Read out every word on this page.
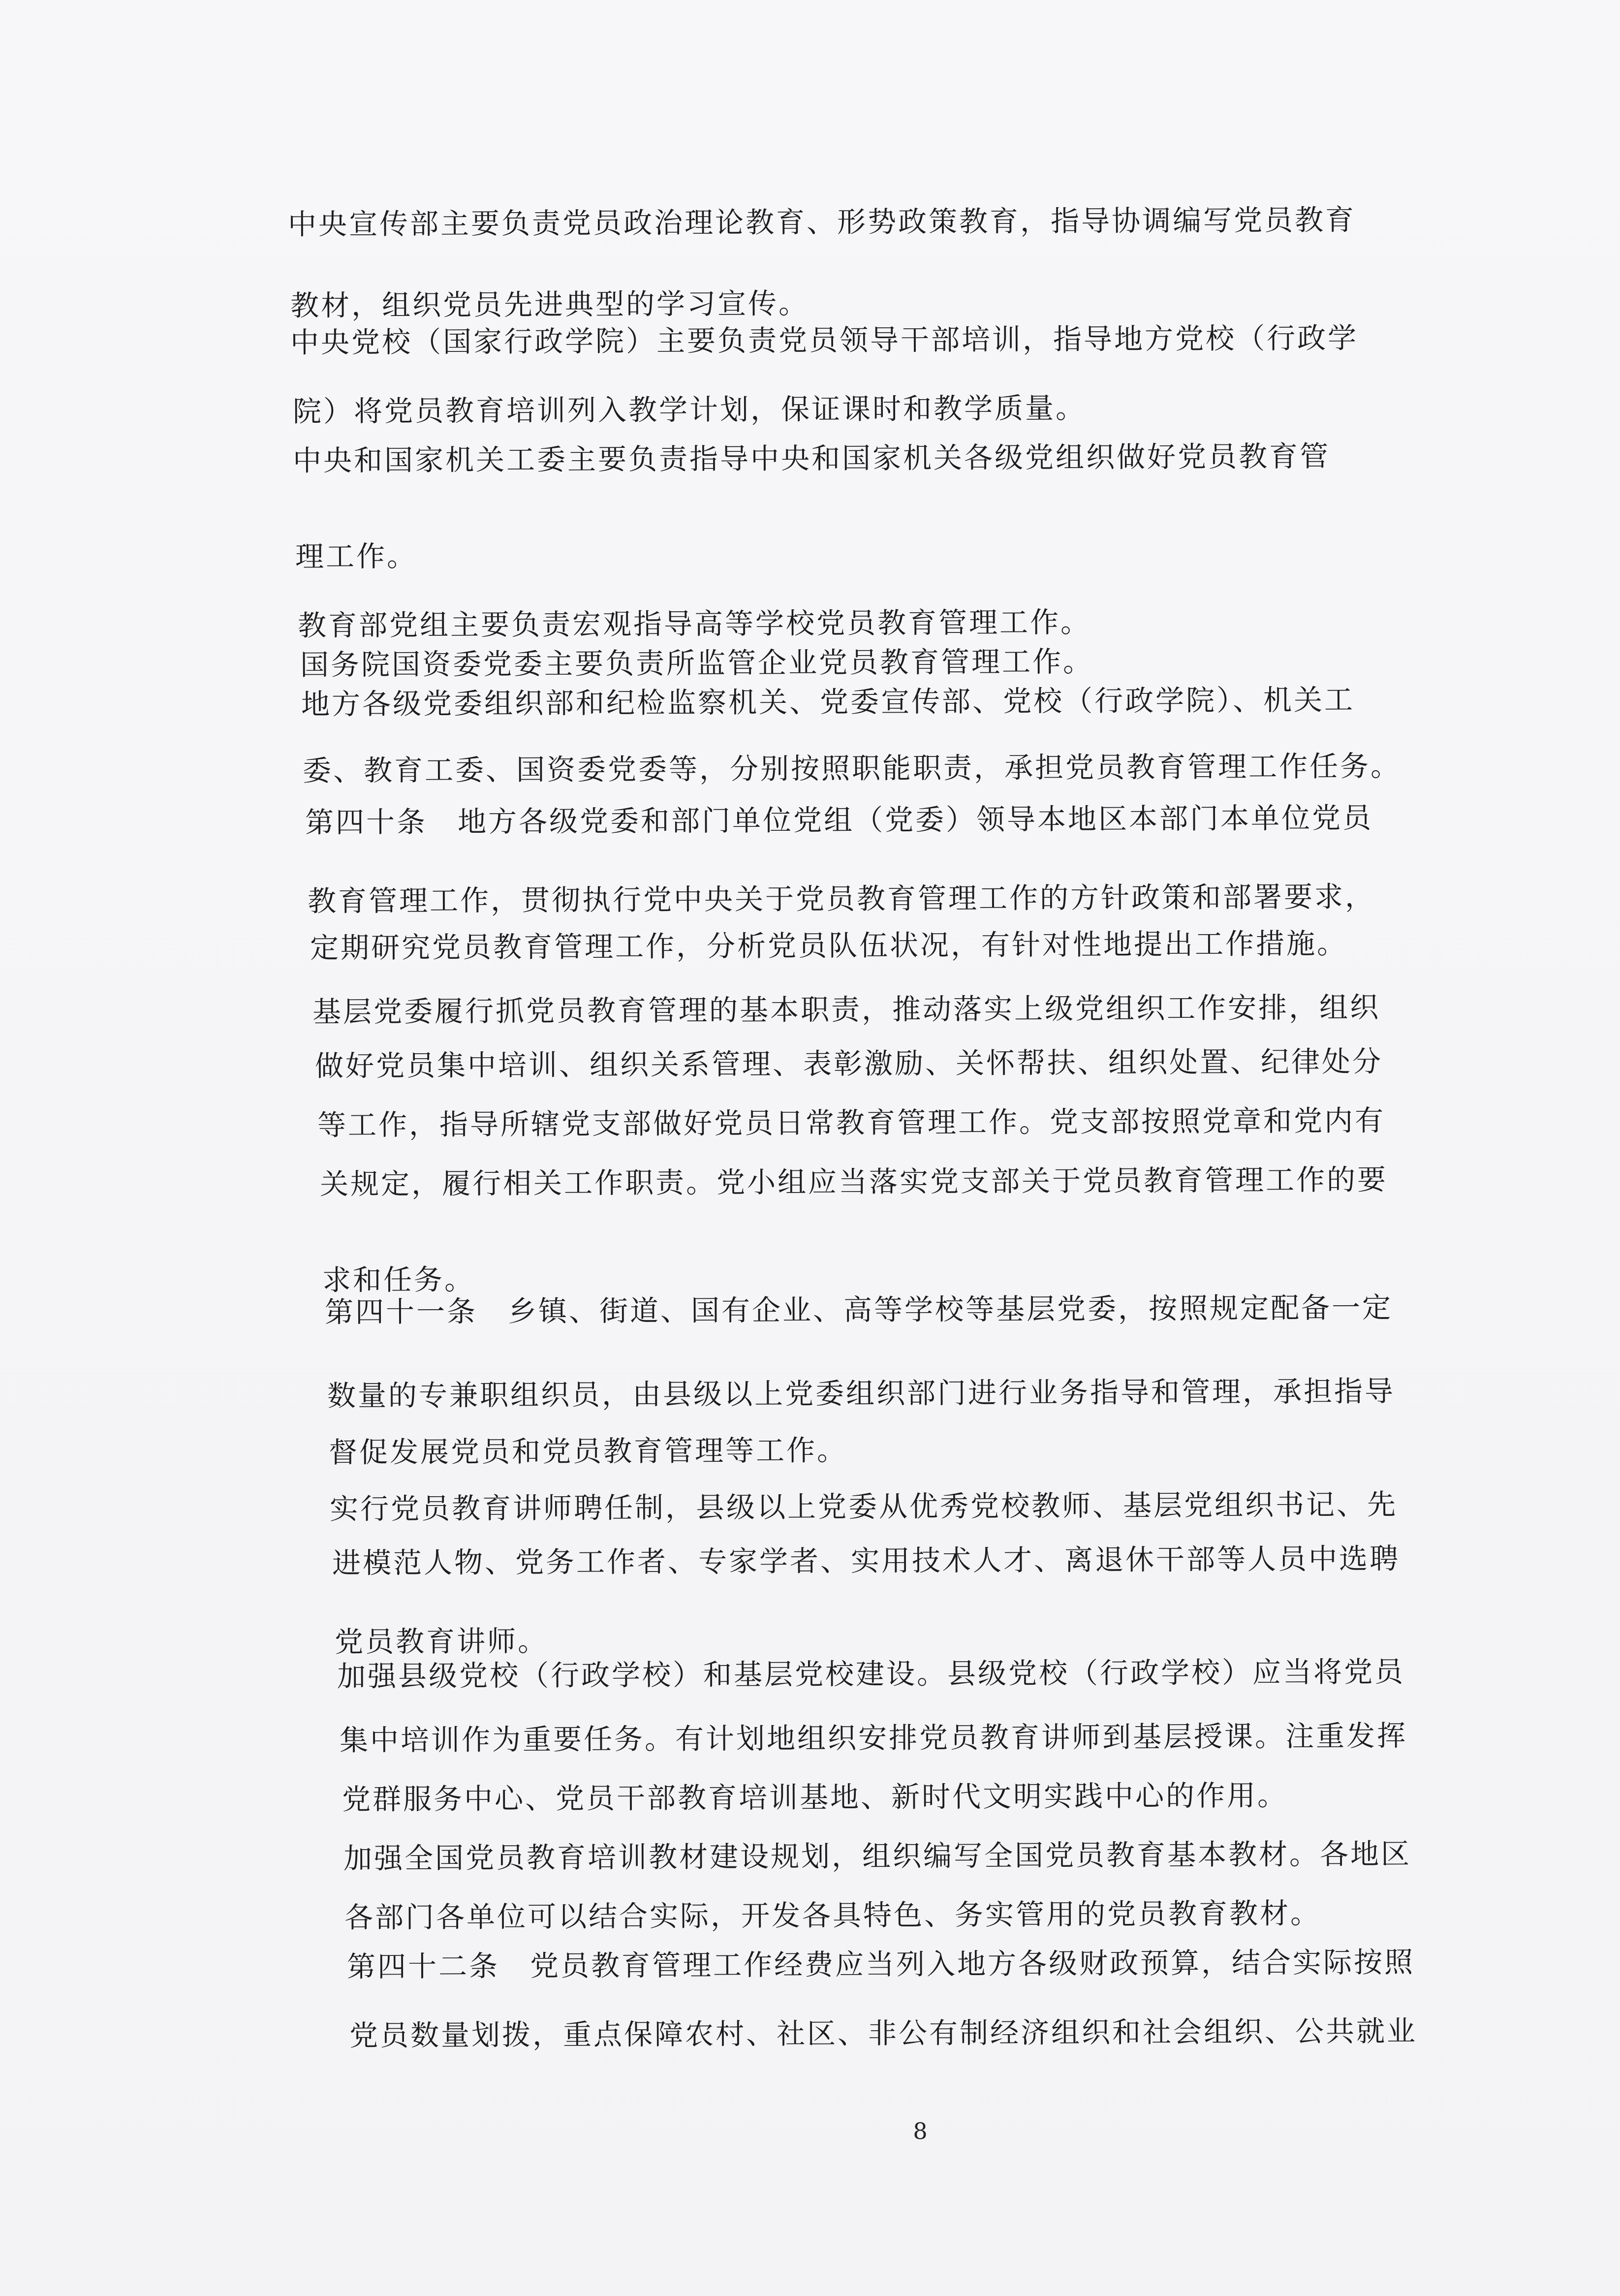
中央宣传部主要负责党员政治理论教育、形势政策教育，指导协调编写党员教育
教材，组织党员先进典型的学习宣传。
中央党校（国家行政学院）主要负责党员领导干部培训，指导地方党校（行政学
院）将党员教育培训列入教学计划，保证课时和教学质量。
中央和国家机关工委主要负责指导中央和国家机关各级党组织做好党员教育管
理工作。
教育部党组主要负责宏观指导高等学校党员教育管理工作。
国务院国资委党委主要负责所监管企业党员教育管理工作。
地方各级党委组织部和纪检监察机关、党委宣传部、党校（行政学院）、机关工
委、教育工委、国资委党委等，分别按照职能职责，承担党员教育管理工作任务。
第四十条　地方各级党委和部门单位党组（党委）领导本地区本部门本单位党员
教育管理工作，贯彻执行党中央关于党员教育管理工作的方针政策和部署要求，
定期研究党员教育管理工作，分析党员队伍状况，有针对性地提出工作措施。
基层党委履行抓党员教育管理的基本职责，推动落实上级党组织工作安排，组织
做好党员集中培训、组织关系管理、表彰激励、关怀帮扶、组织处置、纪律处分
等工作，指导所辖党支部做好党员日常教育管理工作。党支部按照党章和党内有
关规定，履行相关工作职责。党小组应当落实党支部关于党员教育管理工作的要
求和任务。
第四十一条　乡镇、街道、国有企业、高等学校等基层党委，按照规定配备一定
数量的专兼职组织员，由县级以上党委组织部门进行业务指导和管理，承担指导
督促发展党员和党员教育管理等工作。
实行党员教育讲师聘任制，县级以上党委从优秀党校教师、基层党组织书记、先
进模范人物、党务工作者、专家学者、实用技术人才、离退休干部等人员中选聘
党员教育讲师。
加强县级党校（行政学校）和基层党校建设。县级党校（行政学校）应当将党员
集中培训作为重要任务。有计划地组织安排党员教育讲师到基层授课。注重发挥
党群服务中心、党员干部教育培训基地、新时代文明实践中心的作用。
加强全国党员教育培训教材建设规划，组织编写全国党员教育基本教材。各地区
各部门各单位可以结合实际，开发各具特色、务实管用的党员教育教材。
第四十二条　党员教育管理工作经费应当列入地方各级财政预算，结合实际按照
党员数量划拨，重点保障农村、社区、非公有制经济组织和社会组织、公共就业
8
